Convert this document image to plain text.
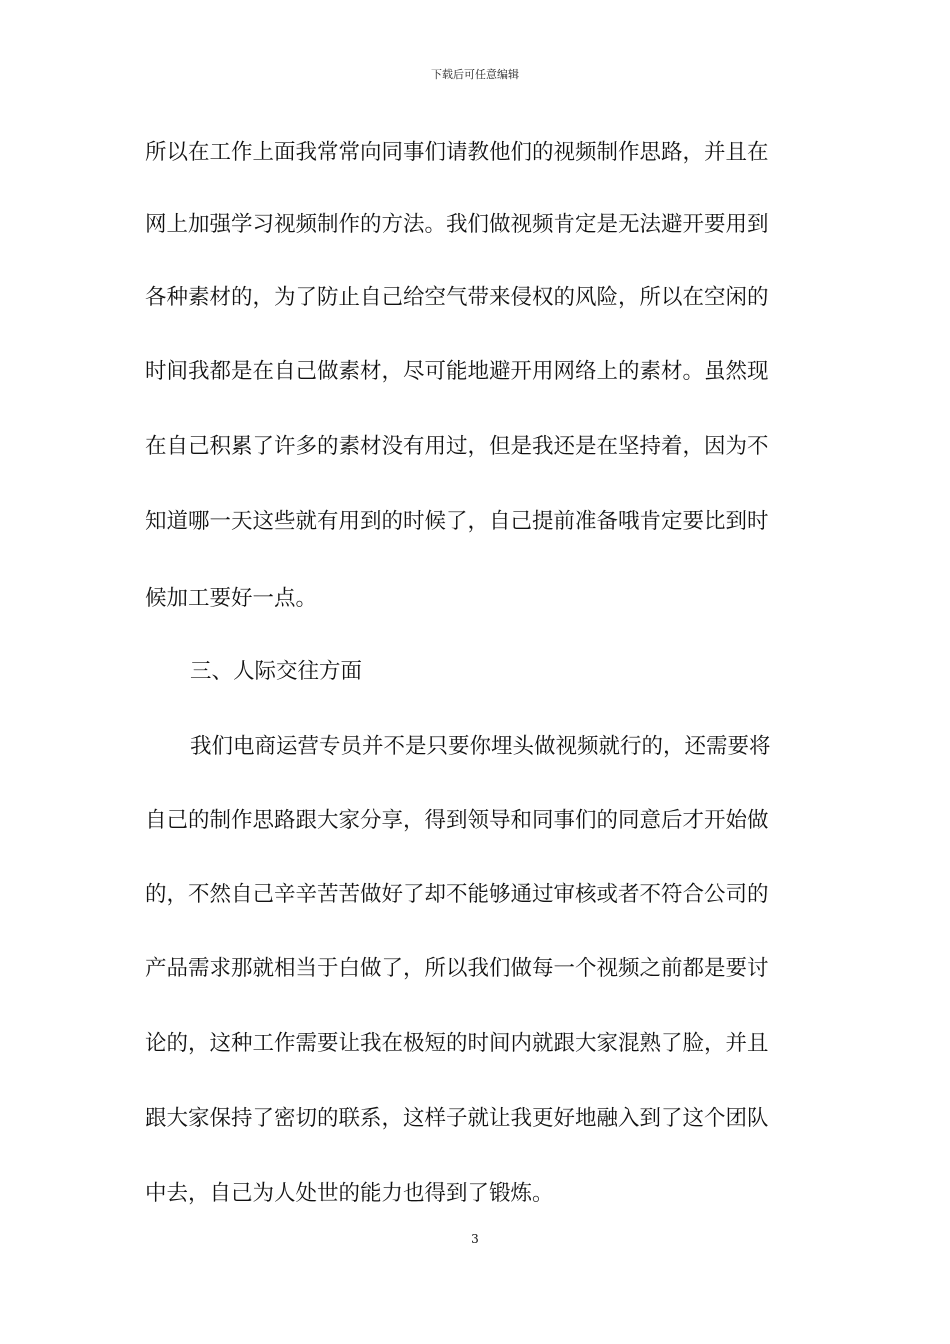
下载后可任意编辑
所以在工作上面我常常向同事们请教他们的视频制作思路，并且在
网上加强学习视频制作的方法。我们做视频肯定是无法避开要用到
各种素材的，为了防止自己给空气带来侵权的风险，所以在空闲的
时间我都是在自己做素材，尽可能地避开用网络上的素材。虽然现
在自己积累了许多的素材没有用过，但是我还是在坚持着，因为不
知道哪一天这些就有用到的时候了，自己提前准备哦肯定要比到时
候加工要好一点。
三、人际交往方面
我们电商运营专员并不是只要你埋头做视频就行的，还需要将
自己的制作思路跟大家分享，得到领导和同事们的同意后才开始做
的，不然自己辛辛苦苦做好了却不能够通过审核或者不符合公司的
产品需求那就相当于白做了，所以我们做每一个视频之前都是要讨
论的，这种工作需要让我在极短的时间内就跟大家混熟了脸，并且
跟大家保持了密切的联系，这样子就让我更好地融入到了这个团队
中去，自己为人处世的能力也得到了锻炼。
3
